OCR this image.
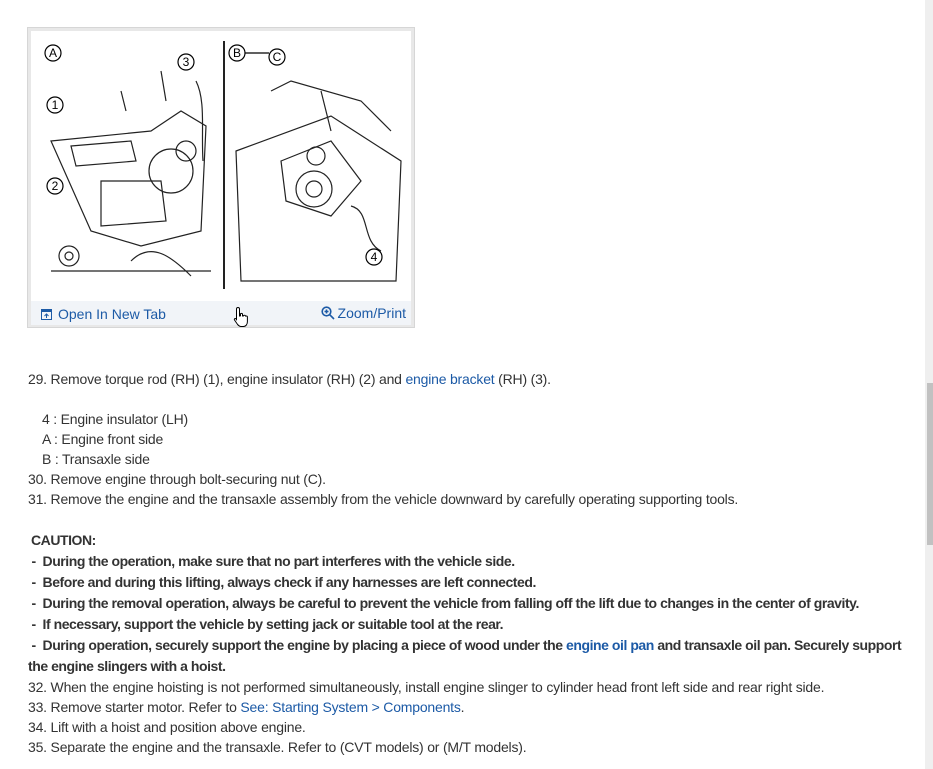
A
1
2
3
B	C
4
Open In New Tab	Zoom/Print

29. Remove torque rod (RH) (1), engine insulator (RH) (2) and engine bracket (RH) (3).

4 : Engine insulator (LH)

A : Engine front side

B : Transaxle side

30. Remove engine through bolt-securing nut (C).

31. Remove the engine and the transaxle assembly from the vehicle downward by carefully operating supporting tools.

CAUTION:

-  During the operation, make sure that no part interferes with the vehicle side.

-  Before and during this lifting, always check if any harnesses are left connected.

-  During the removal operation, always be careful to prevent the vehicle from falling off the lift due to changes in the center of gravity.

-  If necessary, support the vehicle by setting jack or suitable tool at the rear.

-  During operation, securely support the engine by placing a piece of wood under the engine oil pan and transaxle oil pan. Securely support

the engine slingers with a hoist.

32. When the engine hoisting is not performed simultaneously, install engine slinger to cylinder head front left side and rear right side.

33. Remove starter motor. Refer to See: Starting System > Components.

34. Lift with a hoist and position above engine.

35. Separate the engine and the transaxle. Refer to (CVT models) or (M/T models).
